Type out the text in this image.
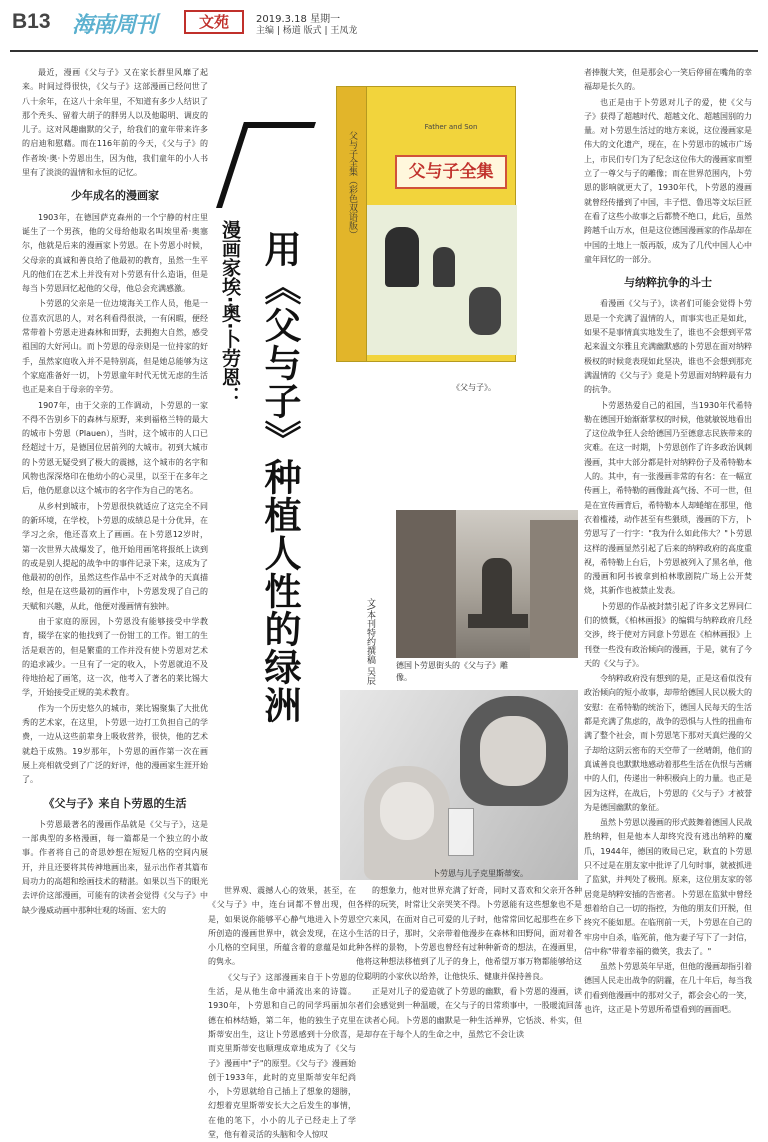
B13 海南周刊	文苑	2019.3.18 星期一
主编 | 杨道 版式 | 王凤龙

最近，漫画《父与子》又在家长群里风靡了起来。时间过得很快，《父与子》这部漫画已经问世了八十余年，在这八十余年里，不知道有多少人结识了那个秃头、留着大胡子的胖男人以及他聪明、调皮的儿子。这对风趣幽默的父子，给我们的童年带来许多的启迪和慰藉。而在116年前的今天，《父与子》的作者埃·奥·卜劳恩出生，因为他，我们童年的小人书里有了淡淡的温情和永恒的记忆。

少年成名的漫画家

1903年，在德国萨克森州的一个宁静的村庄里诞生了一个男孩，他的父母给他取名叫埃里希·奥塞尔，他就是后来的漫画家卜劳恩。在卜劳恩小时候，父母亲的真诚和善良给了他最初的教育，虽然一生平凡的他们在艺术上并没有对卜劳恩有什么造诣，但是每当卜劳恩回忆起他的父母，他总会充满感激。

卜劳恩的父亲是一位边境海关工作人员，他是一位喜欢沉思的人，对名利看得很淡，一有闲暇，便经常带着卜劳恩走进森林和田野，去拥抱大自然，感受祖国的大好河山。而卜劳恩的母亲则是一位持家的好手，虽然家庭收入并不是特别高，但是她总能够为这个家庭准备好一切，卜劳恩童年时代无忧无虑的生活也正是来自于母亲的辛劳。

1907年，由于父亲的工作调动，卜劳恩的一家不得不告别乡下的森林与原野，来到福格兰特的最大的城市卜劳恩（Plauen），当时，这个城市的人口已经超过十万，是德国位居前列的大城市。初到大城市的卜劳恩无疑受到了极大的震撼，这个城市的名字和风物也深深烙印在他幼小的心灵里，以至于在多年之后，他仍愿意以这个城市的名字作为自己的笔名。

从乡村到城市，卜劳恩很快就适应了这完全不同的新环境，在学校，卜劳恩的成绩总是十分优异，在学习之余，他还喜欢上了画画。在卜劳恩12岁时，第一次世界大战爆发了，他开始用画笔将报纸上读到的或是别人提起的战争中的事件记录下来，这成为了他最初的创作，虽然这些作品中不乏对战争的天真描绘，但是在这些最初的画作中，卜劳恩发现了自己的天赋和兴趣，从此，他便对漫画情有独钟。

由于家庭的原因，卜劳恩没有能够接受中学教育，辍学在家的他找到了一份钳工的工作。钳工的生活是艰苦的，但是繁重的工作并没有使卜劳恩对艺术的追求减少。一旦有了一定的收入，卜劳恩就迫不及待地拾起了画笔，这一次，他考入了著名的莱比锡大学，开始接受正规的美术教育。

作为一个历史悠久的城市，莱比锡聚集了大批优秀的艺术家，在这里，卜劳恩一边打工负担自己的学费，一边从这些前辈身上吸收营养，很快，他的艺术就趋于成熟。19岁那年，卜劳恩的画作第一次在画展上亮相就受到了广泛的好评，他的漫画家生涯开始了。

《父与子》来自卜劳恩的生活

卜劳恩最著名的漫画作品就是《父与子》，这是一部典型的多格漫画，每一篇都是一个独立的小故事。作者将自己的奇思妙想在短短几格的空间内展开，并且还要将其传神地画出来，显示出作者其篇布局功力的高超和绘画技术的精湛。如果以当下的眼光去评价这部漫画，可能有的读者会觉得《父与子》中缺少漫威动画中那种壮观的场面、宏大的

漫画家埃·奥·卜劳恩： 用《父与子》种植人性的绿洲
父与子全集（彩色双语版）
Father and Son
父与子全集
《父与子》。
文\本刊特约撰稿 吴辰	德国卜劳恩街头的《父与子》雕像。
卜劳恩与儿子克里斯蒂安。

世界观、震撼人心的效果，甚至，在《父与子》中，连台词都不曾出现，但是，如果说你能够平心静气地进入卜劳恩所创造的漫画世界中，就会发现，在这小小几格的空间里，所蕴含着的意蕴是如此的隽永。

《父与子》这部漫画来自于卜劳恩的生活，是从他生命中涌流出来的诗篇。1930年，卜劳恩和自己的同学玛丽加尔德在柏林结婚，第二年，他的独生子克里斯蒂安出生，这让卜劳恩感到十分欣喜，而克里斯蒂安也顺理成章地成为了《父与子》漫画中"子"的原型。《父与子》漫画始创于1933年，此时的克里斯蒂安年纪尚小，卜劳恩就给自己插上了想象的翅膀，幻想着克里斯蒂安长大之后发生的事情，在他的笔下，小小的儿子已经走上了学堂，他有着灵活的头脑和令人惊叹

的想象力，他对世界充满了好奇，同时又喜欢和父亲开各种各样的玩笑，时常让父亲哭笑不得。卜劳恩能有这些想象也不是空穴来风，在面对自己可爱的儿子时，他常常回忆起那些在乡下生活的日子，那时，父亲带着他漫步在森林和田野间，面对着各种各样的景物，卜劳恩也曾经有过种种新奇的想法，在漫画里，他将这种想法移植到了儿子的身上，他希望万事万物都能够给这位聪明的小家伙以给养，让他快乐、健康并保持善良。

正是对儿子的爱造就了卜劳恩的幽默，看卜劳恩的漫画，读者们会感觉到一种温暖，在父与子的日常琐事中，一股暖流回荡在读者心间。卜劳恩的幽默是一种生活禅界，它恬淡、朴实，但是却存在于每个人的生命之中，虽然它不会让读

者捧腹大笑，但是那会心一笑后停留在嘴角的幸福却是长久的。

也正是由于卜劳恩对儿子的爱，使《父与子》获得了超越时代、超越文化、超越国别的力量。对卜劳恩生活过的地方来说，这位漫画家是伟大的文化遗产，现在，在卜劳恩市的城市广场上，市民们专门为了纪念这位伟大的漫画家而塑立了一尊父与子的雕像；而在世界范围内，卜劳恩的影响就更大了，1930年代，卜劳恩的漫画就曾经传播到了中国，丰子恺、鲁迅等文坛巨匠在看了这些小故事之后都赞不绝口，此后，虽然跨越千山万水，但是这位德国漫画家的作品却在中国的土地上一版再版，成为了几代中国人心中童年回忆的一部分。

与纳粹抗争的斗士

看漫画《父与子》，读者们可能会觉得卜劳恩是一个充满了温情的人，而事实也正是如此，如果不是事情真实地发生了，谁也不会想到平常起来温文尔雅且充满幽默感的卜劳恩在面对纳粹极权的时候竟表现如此坚决，谁也不会想到那充满温情的《父与子》竟是卜劳恩面对纳粹最有力的抗争。

卜劳恩热爱自己的祖国，当1930年代希特勒在德国开始渐渐掌权的时候，他就敏锐地看出了这位战争狂人会给德国乃至德意志民族带来的灾难。在这一时期，卜劳恩创作了许多政治讽刺漫画，其中大部分都是针对纳粹份子及希特勒本人的。其中，有一张漫画非常的有名：在一幅宣传画上，希特勒的画像趾高气扬、不可一世，但是在宣传画背后，希特勒本人却蜷缩在那里，他衣着槛褛，动作甚至有些猥琐，漫画的下方，卜劳恩写了一行字："我为什么如此伟大？"卜劳恩这样的漫画显然引起了后来的纳粹政府的高度重视，希特勒上台后，卜劳恩被列入了黑名单，他的漫画和阿书被拿到柏林歌剧院广场上公开焚烧，其新作也被禁止发表。

卜劳恩的作品被封禁引起了许多文艺界同仁们的愤慨，《柏林画报》的编辑与纳粹政府几经交涉，终于使对方同意卜劳恩在《柏林画报》上刊登一些没有政治倾向的漫画，于是，就有了今天的《父与子》。

令纳粹政府没有想到的是，正是这看似没有政治倾向的短小故事，却带给德国人民以极大的安慰：在希特勒的统治下，德国人民每天的生活都是充满了焦虑的，战争的恐惧与人性的扭曲布满了整个社会，而卜劳恩笔下那对天真烂漫的父子却给这阴云密布的天空带了一丝晴朗，他们的真诚善良也默默地感动着那些生活在仇恨与苦痛中的人们，传递出一种积极向上的力量。也正是因为这样，在战后，卜劳恩的《父与子》才被誉为是德国幽默的象征。

虽然卜劳恩以漫画的形式鼓舞着德国人民战胜纳粹，但是他本人却终究没有逃出纳粹的魔爪，1944年，德国的败局已定，耿直的卜劳恩只不过是在朋友家中批评了几句时事，就被抓进了监狱，并判处了极刑。原来，这位朋友家的邻居竟是纳粹安插的告密者。卜劳恩在监狱中曾经想着给自己一切的指控，为他的朋友们开脱，但终究不能如愿。在临刑前一天，卜劳恩在自己的牢房中自杀，临死前，他为妻子写下了一封信，信中称"带着幸福的微笑，我去了。"

虽然卜劳恩英年早逝，但他的漫画却指引着德国人民走出战争的阴霾，在几十年后，每当我们看到他漫画中的那对父子，都会会心的一笑，也许，这正是卜劳恩所希望看到的画面吧。
